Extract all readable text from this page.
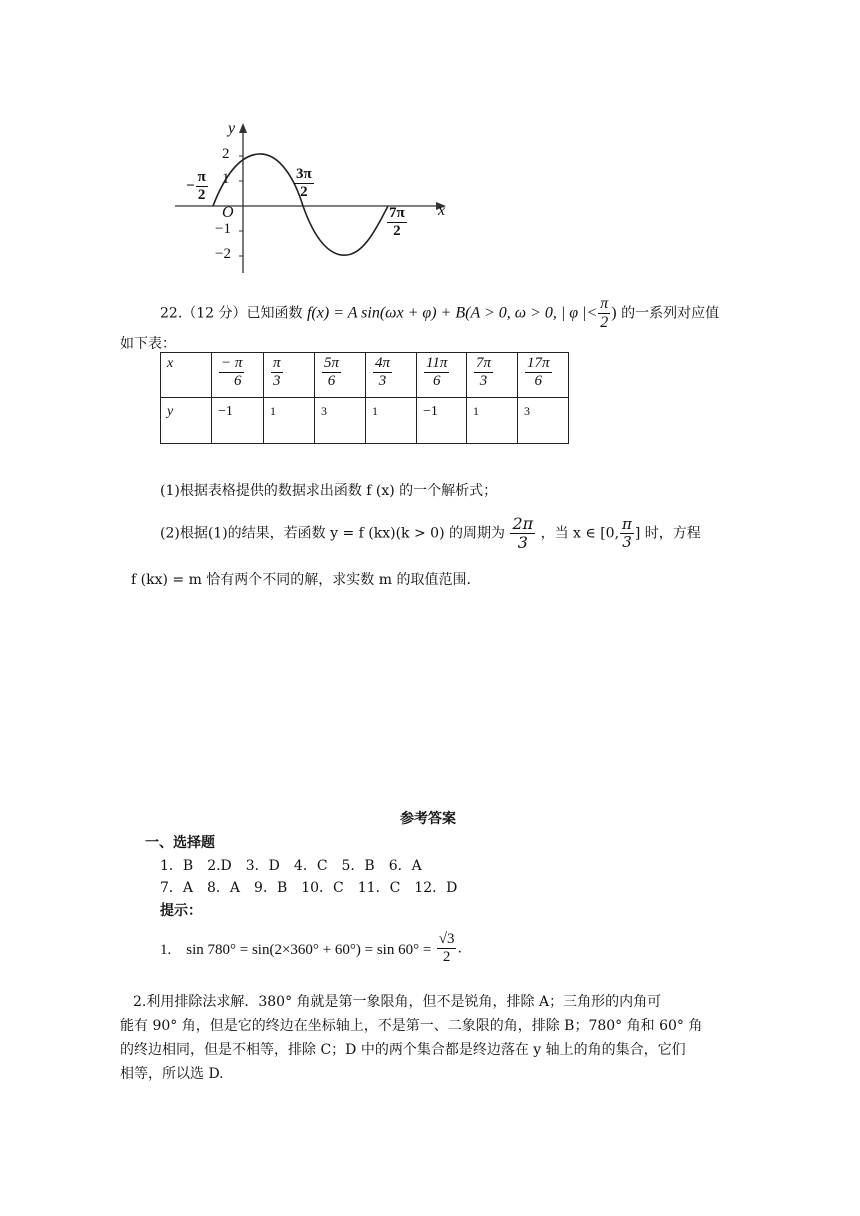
y
x
O
2
1
−1
−2
− $\frac{\pi}{2}$	$\frac{3\pi}{2}$
$\frac{7\pi}{2}$
22.（12 分）已知函数 f(x) = A sin(ωx + φ) + B(A > 0, ω > 0, | φ |< $\frac{\pi}{2}$ ) 的一系列对应值
如下表：
x	$\frac{- \pi}{6}$	$\frac{\pi}{3}$	$\frac{5\pi}{6}$	$\frac{4\pi}{3}$	$\frac{11\pi}{6}$	$\frac{7\pi}{3}$	$\frac{17\pi}{6}$

y	−1	1	3	1	−1	1	3
(1)根据表格提供的数据求出函数 f (x) 的一个解析式；
(2)根据(1)的结果，若函数 y = f (kx)(k > 0) 的周期为 $\frac{2\pi}{3}$ ，当 x ∈ [0, $\frac{\pi}{3}$ ] 时，方程
f (kx) = m 恰有两个不同的解，求实数 m 的取值范围.
参考答案
一、选择题
1．B　2.D　3．D　4．C　5．B　6．A
7．A　8．A　9．B　10．C　11．C　12．D
提示：
1.　$\sin 780^\circ = \sin(2\times 360^\circ + 60^\circ) = \sin 60^\circ = \frac{√3}{2}$ .
2.利用排除法求解．380° 角就是第一象限角，但不是锐角，排除 A；三角形的内角可
能有 90° 角，但是它的终边在坐标轴上，不是第一、二象限的角，排除 B；780° 角和 60° 角
的终边相同，但是不相等，排除 C；D 中的两个集合都是终边落在 y 轴上的角的集合，它们
相等，所以选 D.
